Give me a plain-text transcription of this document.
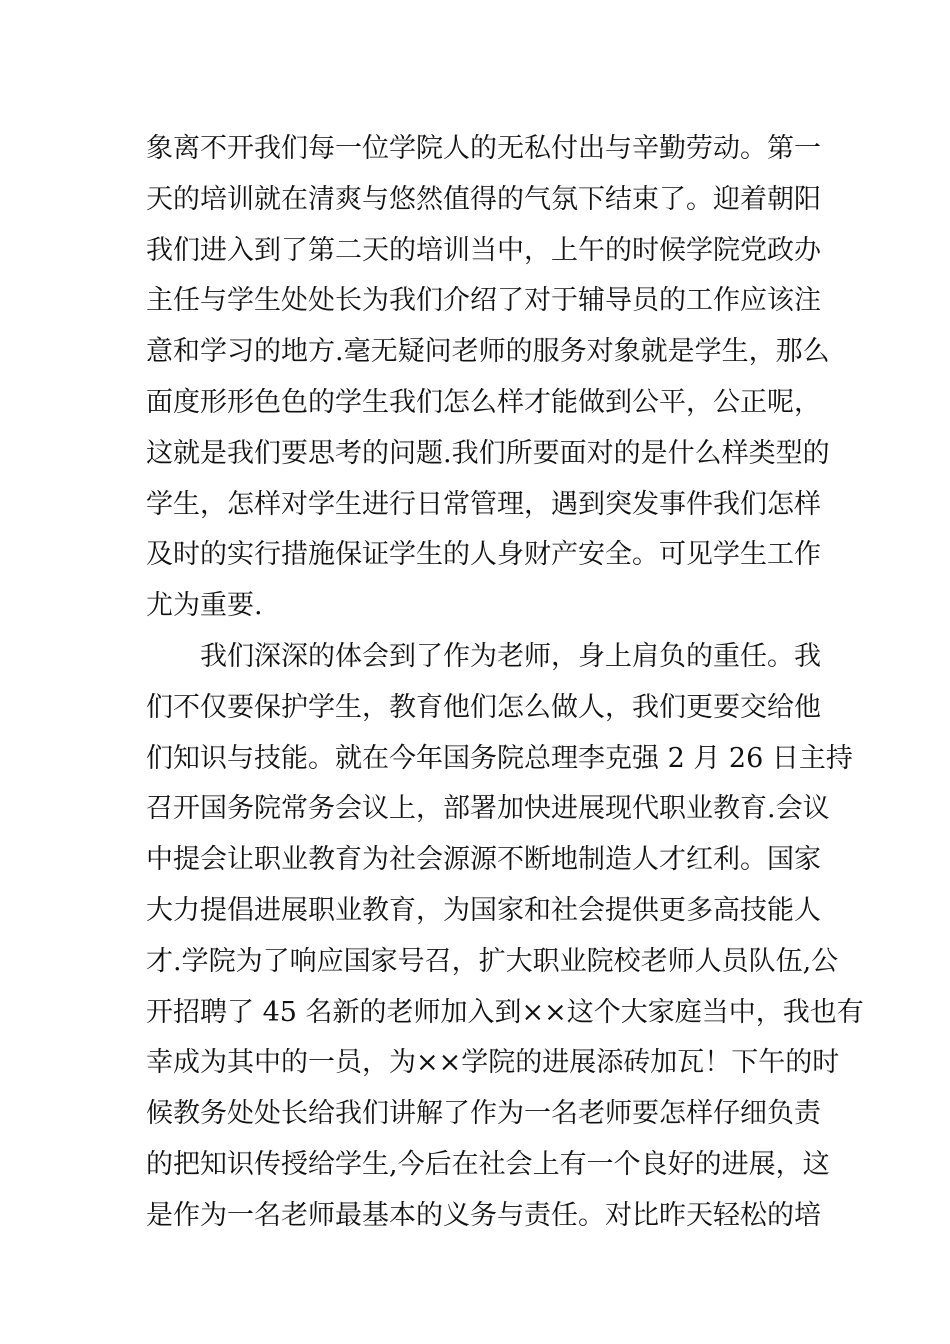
象离不开我们每一位学院人的无私付出与辛勤劳动。第一
天的培训就在清爽与悠然值得的气氛下结束了。迎着朝阳
我们进入到了第二天的培训当中，上午的时候学院党政办
主任与学生处处长为我们介绍了对于辅导员的工作应该注
意和学习的地方.毫无疑问老师的服务对象就是学生，那么
面度形形色色的学生我们怎么样才能做到公平，公正呢，
这就是我们要思考的问题.我们所要面对的是什么样类型的
学生，怎样对学生进行日常管理，遇到突发事件我们怎样
及时的实行措施保证学生的人身财产安全。可见学生工作
尤为重要.
我们深深的体会到了作为老师，身上肩负的重任。我
们不仅要保护学生，教育他们怎么做人，我们更要交给他
们知识与技能。就在今年国务院总理李克强 2 月 26 日主持
召开国务院常务会议上，部署加快进展现代职业教育.会议
中提会让职业教育为社会源源不断地制造人才红利。国家
大力提倡进展职业教育，为国家和社会提供更多高技能人
才.学院为了响应国家号召，扩大职业院校老师人员队伍,公
开招聘了 45 名新的老师加入到××这个大家庭当中，我也有
幸成为其中的一员，为××学院的进展添砖加瓦！下午的时
候教务处处长给我们讲解了作为一名老师要怎样仔细负责
的把知识传授给学生,今后在社会上有一个良好的进展，这
是作为一名老师最基本的义务与责任。对比昨天轻松的培
